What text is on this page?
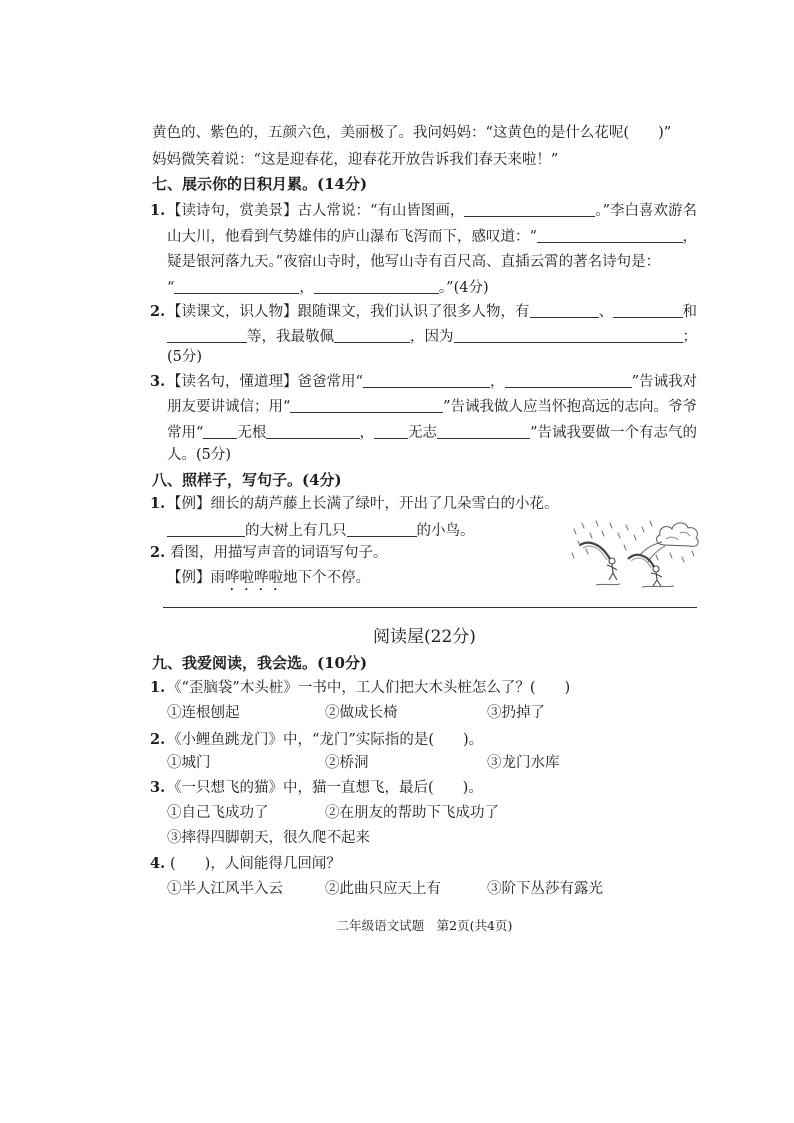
黄色的、紫色的，五颜六色，美丽极了。我问妈妈：“这黄色的是什么花呢(　　)”
妈妈微笑着说：“这是迎春花，迎春花开放告诉我们春天来啦！”
七、展示你的日积月累。(14分)
1. 【读诗句，赏美景】古人常说：“有山皆图画，	。”李白喜欢游名
山大川，他看到气势雄伟的庐山瀑布飞泻而下，感叹道：“	，
疑是银河落九天。”夜宿山寺时，他写山寺有百尺高、直插云霄的著名诗句是：
“	，	。”(4分)
2. 【读课文，识人物】跟随课文，我们认识了很多人物，有	、	和
等，我最敬佩	，因为	；
(5分)
3. 【读名句，懂道理】爸爸常用“	，	”告诫我对
朋友要讲诚信；用“	”告诫我做人应当怀抱高远的志向。爷爷
常用“ 无根	， 无志	”告诫我要做一个有志气的
人。(5分)
八、照样子，写句子。(4分)
1. 【例】细长的葫芦藤上长满了绿叶，开出了几朵雪白的小花。
的大树上有几只	的小鸟。
2. 看图，用描写声音的词语写句子。
【例】雨 哗啦哗啦 地下个不停。
阅读屋(22分)
九、我爱阅读，我会选。(10分)
1. 《“歪脑袋”木头桩》一书中，工人们把大木头桩怎么了？(　　)
①连根刨起	②做成长椅	③扔掉了
2. 《小鲤鱼跳龙门》中，“龙门”实际指的是(　　)。
①城门	②桥洞	③龙门水库
3. 《一只想飞的猫》中，猫一直想飞，最后(　　)。
①自己飞成功了	②在朋友的帮助下飞成功了
③摔得四脚朝天，很久爬不起来
4. (　　)，人间能得几回闻？
①半人江风半入云	②此曲只应天上有	③阶下丛莎有露光
二年级语文试题　第2页(共4页)
